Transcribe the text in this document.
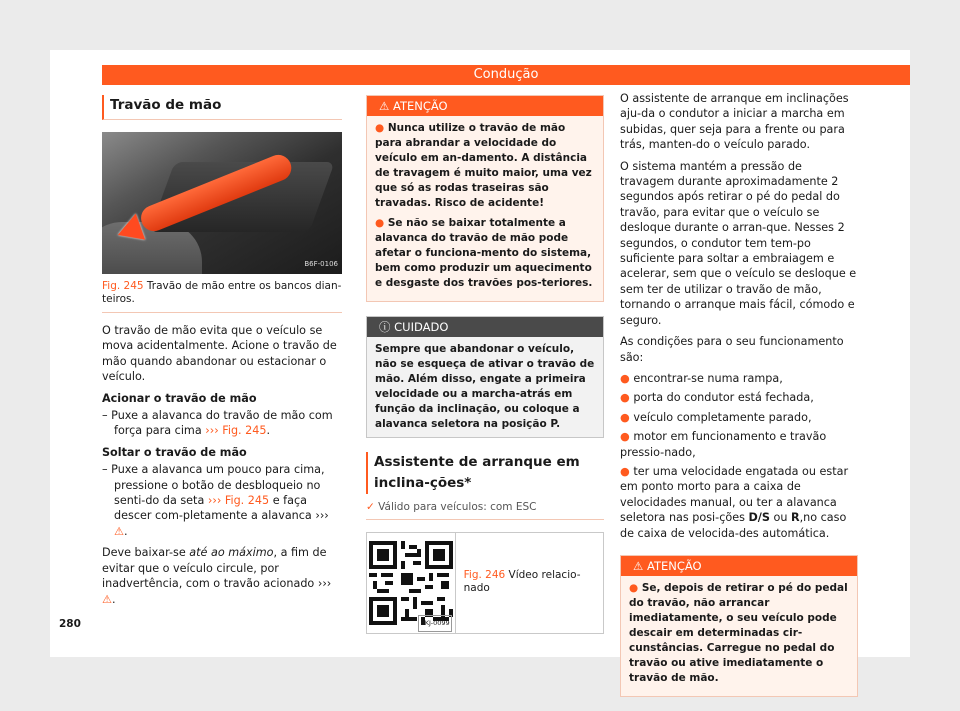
Condução
Travão de mão
B6F-0106
Fig. 245 Travão de mão entre os bancos dian-teiros.

O travão de mão evita que o veículo se mova acidentalmente. Acione o travão de mão quando abandonar ou estacionar o veículo.

Acionar o travão de mão
– Puxe a alavanca do travão de mão com força para cima ››› Fig. 245.
Soltar o travão de mão
– Puxe a alavanca um pouco para cima, pressione o botão de desbloqueio no senti-do da seta ››› Fig. 245 e faça descer com-pletamente a alavanca ››› ⚠.

Deve baixar-se até ao máximo, a fim de evitar que o veículo circule, por inadvertência, com o travão acionado ››› ⚠.

⚠ ATENÇÃO

● Nunca utilize o travão de mão para abrandar a velocidade do veículo em an-damento. A distância de travagem é muito maior, uma vez que só as rodas traseiras são travadas. Risco de acidente!

● Se não se baixar totalmente a alavanca do travão de mão pode afetar o funciona-mento do sistema, bem como produzir um aquecimento e desgaste dos travões pos-teriores.

ⓘ CUIDADO
Sempre que abandonar o veículo, não se esqueça de ativar o travão de mão. Além disso, engate a primeira velocidade ou a marcha-atrás em função da inclinação, ou coloque a alavanca seletora na posição P.
Assistente de arranque em inclina-ções*
✓ Válido para veículos: com ESC
BKJ-0099
Fig. 246 Vídeo relacio-nado

O assistente de arranque em inclinações aju-da o condutor a iniciar a marcha em subidas, quer seja para a frente ou para trás, manten-do o veículo parado.

O sistema mantém a pressão de travagem durante aproximadamente 2 segundos após retirar o pé do pedal do travão, para evitar que o veículo se desloque durante o arran-que. Nesses 2 segundos, o condutor tem tem-po suficiente para soltar a embraiagem e acelerar, sem que o veículo se desloque e sem ter de utilizar o travão de mão, tornando o arranque mais fácil, cómodo e seguro.

As condições para o seu funcionamento são:

● encontrar-se numa rampa,
● porta do condutor está fechada,
● veículo completamente parado,
● motor em funcionamento e travão pressio-nado,
● ter uma velocidade engatada ou estar em ponto morto para a caixa de velocidades manual, ou ter a alavanca seletora nas posi-ções D/S ou R,no caso de caixa de velocida-des automática.
⚠ ATENÇÃO

● Se, depois de retirar o pé do pedal do travão, não arrancar imediatamente, o seu veículo pode descair em determinadas cir-cunstâncias. Carregue no pedal do travão ou ative imediatamente o travão de mão.

280
